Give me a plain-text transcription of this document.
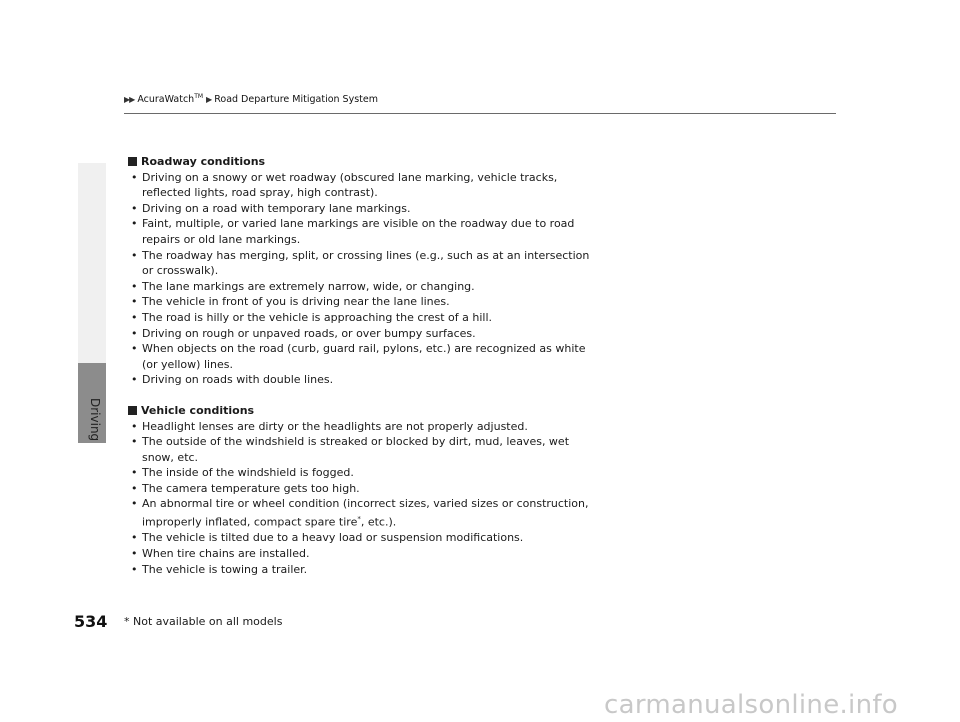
Driving
▶▶ AcuraWatch™ ▶ Road Departure Mitigation System
Roadway conditions
• Driving on a snowy or wet roadway (obscured lane marking, vehicle tracks,
reflected lights, road spray, high contrast).
• Driving on a road with temporary lane markings.
• Faint, multiple, or varied lane markings are visible on the roadway due to road
repairs or old lane markings.
• The roadway has merging, split, or crossing lines (e.g., such as at an intersection
or crosswalk).
• The lane markings are extremely narrow, wide, or changing.
• The vehicle in front of you is driving near the lane lines.
• The road is hilly or the vehicle is approaching the crest of a hill.
• Driving on rough or unpaved roads, or over bumpy surfaces.
• When objects on the road (curb, guard rail, pylons, etc.) are recognized as white
(or yellow) lines.
• Driving on roads with double lines.
Vehicle conditions
• Headlight lenses are dirty or the headlights are not properly adjusted.
• The outside of the windshield is streaked or blocked by dirt, mud, leaves, wet
snow, etc.
• The inside of the windshield is fogged.
• The camera temperature gets too high.
• An abnormal tire or wheel condition (incorrect sizes, varied sizes or construction,
improperly inflated, compact spare tire*, etc.).
• The vehicle is tilted due to a heavy load or suspension modifications.
• When tire chains are installed.
• The vehicle is towing a trailer.
534 * Not available on all models
carmanualsonline.info
